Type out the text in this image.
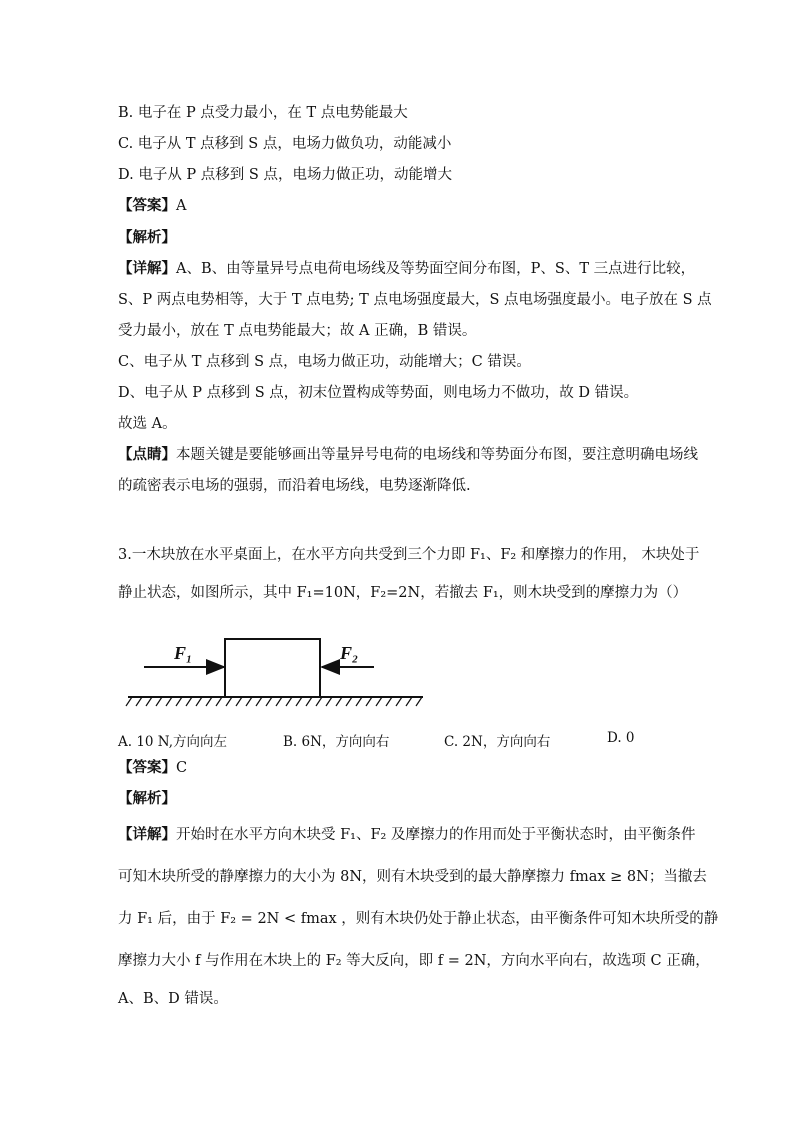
B. 电子在 P 点受力最小，在 T 点电势能最大
C. 电子从 T 点移到 S 点，电场力做负功，动能减小
D. 电子从 P 点移到 S 点，电场力做正功，动能增大
【答案】A
【解析】
【详解】A、B、由等量异号点电荷电场线及等势面空间分布图，P、S、T 三点进行比较，
S、P 两点电势相等，大于 T 点电势; T 点电场强度最大，S 点电场强度最小。电子放在 S 点
受力最小，放在 T 点电势能最大；故 A 正确，B 错误。
C、电子从 T 点移到 S 点，电场力做正功，动能增大；C 错误。
D、电子从 P 点移到 S 点，初末位置构成等势面，则电场力不做功，故 D 错误。
故选 A。
【点睛】本题关键是要能够画出等量异号电荷的电场线和等势面分布图，要注意明确电场线
的疏密表示电场的强弱，而沿着电场线，电势逐渐降低.
3.一木块放在水平桌面上，在水平方向共受到三个力即 F₁、F₂ 和摩擦力的作用， 木块处于
静止状态，如图所示，其中 F₁=10N，F₂=2N，若撤去 F₁，则木块受到的摩擦力为（）
F₁	F₂
A. 10 N,方向向左	B. 6N，方向向右	C. 2N，方向向右	D. 0
【答案】C
【解析】
【详解】开始时在水平方向木块受 F₁、F₂ 及摩擦力的作用而处于平衡状态时，由平衡条件
可知木块所受的静摩擦力的大小为 8N，则有木块受到的最大静摩擦力 fmax ≥ 8N；当撤去
力 F₁ 后，由于 F₂ = 2N < fmax ，则有木块仍处于静止状态，由平衡条件可知木块所受的静
摩擦力大小 f 与作用在木块上的 F₂ 等大反向，即 f = 2N，方向水平向右，故选项 C 正确，
A、B、D 错误。
